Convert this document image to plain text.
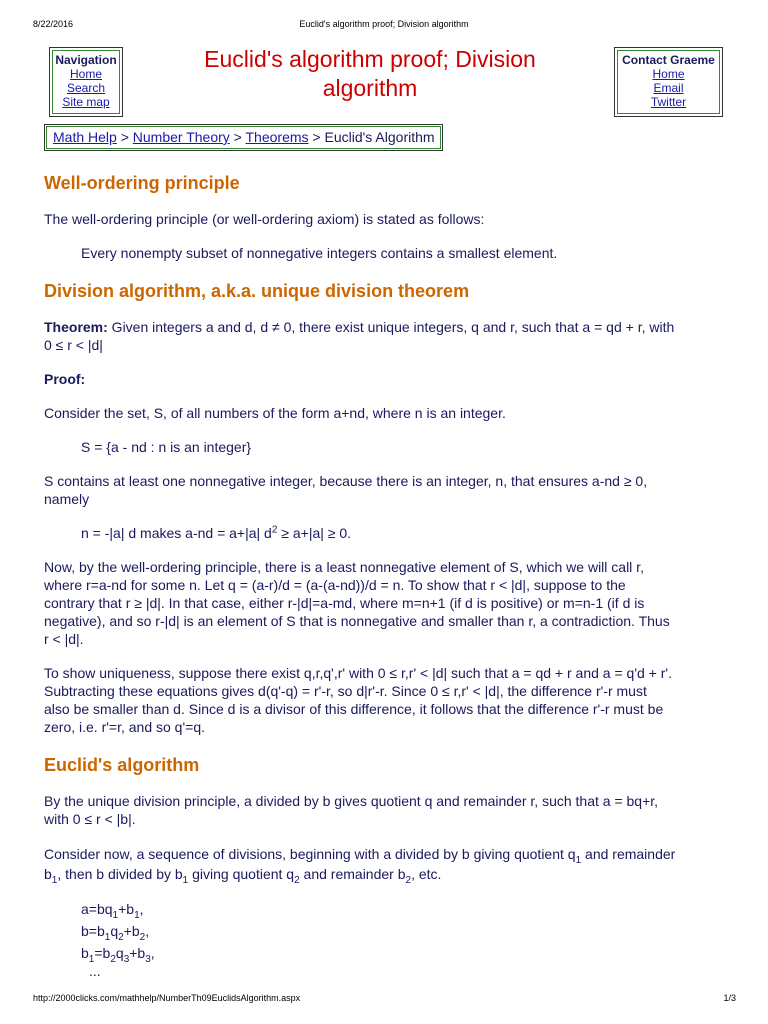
8/22/2016	Euclid's algorithm proof; Division algorithm
Navigation
Home
Search
Site map
Euclid's algorithm proof; Division
algorithm
Contact Graeme
Home
Email
Twitter
Math Help > Number Theory > Theorems > Euclid's Algorithm
Well-ordering principle

The well-ordering principle (or well-ordering axiom) is stated as follows:

Every nonempty subset of nonnegative integers contains a smallest element.

Division algorithm, a.k.a. unique division theorem

Theorem: Given integers a and d, d ≠ 0, there exist unique integers, q and r, such that a = qd + r, with
0 ≤ r < |d|

Proof:

Consider the set, S, of all numbers of the form a+nd, where n is an integer.

S = {a - nd : n is an integer}

S contains at least one nonnegative integer, because there is an integer, n, that ensures a-nd ≥ 0,
namely

n = -|a| d makes a-nd = a+|a| $d^2 \ge a+|a| \ge 0$.

Now, by the well-ordering principle, there is a least nonnegative element of S, which we will call r,
where r=a-nd for some n. Let q = (a-r)/d = (a-(a-nd))/d = n. To show that r < |d|, suppose to the
contrary that r ≥ |d|. In that case, either r-|d|=a-md, where m=n+1 (if d is positive) or m=n-1 (if d is
negative), and so r-|d| is an element of S that is nonnegative and smaller than r, a contradiction. Thus
r < |d|.

To show uniqueness, suppose there exist q,r,q',r' with 0 ≤ r,r' < |d| such that a = qd + r and a = q'd + r'.
Subtracting these equations gives d(q'-q) = r'-r, so d|r'-r. Since 0 ≤ r,r' < |d|, the difference r'-r must
also be smaller than d. Since d is a divisor of this difference, it follows that the difference r'-r must be
zero, i.e. r'=r, and so q'=q.

Euclid's algorithm

By the unique division principle, a divided by b gives quotient q and remainder r, such that a = bq+r,
with 0 ≤ r < |b|.

Consider now, a sequence of divisions, beginning with a divided by b giving quotient $q_1$ and remainder
$b_1$, then b divided by $b_1$ giving quotient $q_2$ and remainder $b_2$, etc.

$a=bq_1+b_1$,
$b=b_1q_2+b_2$,
$b_1=b_2q_3+b_3$,
...
http://2000clicks.com/mathhelp/NumberTh09EuclidsAlgorithm.aspx	1/3
